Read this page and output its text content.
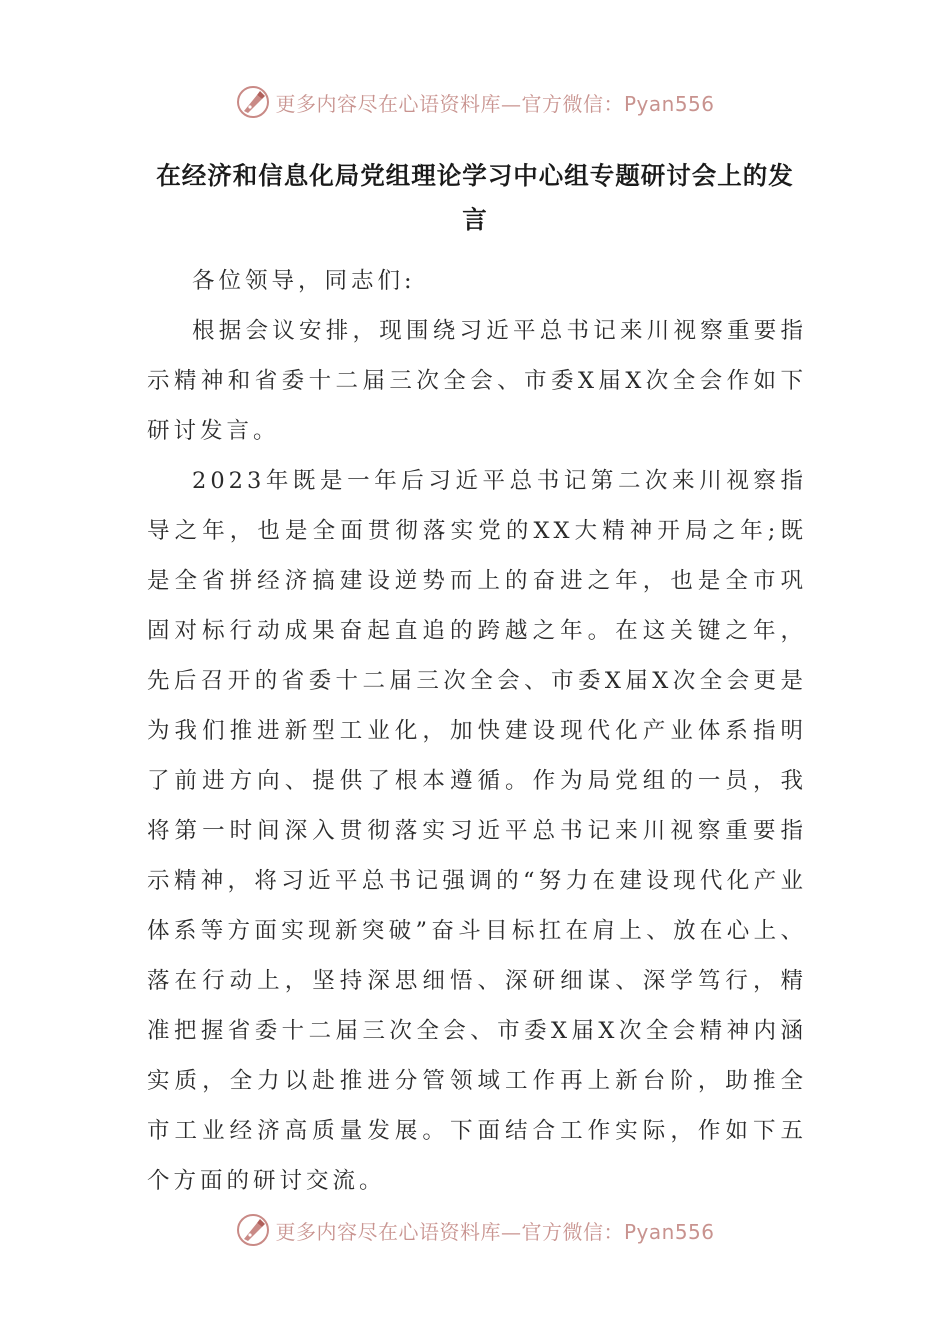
更多内容尽在心语资料库—官方微信：Pyan556
在经济和信息化局党组理论学习中心组专题研讨会上的发言

各位领导，同志们:

根据会议安排，现围绕习近平总书记来川视察重要指示精神和省委十二届三次全会、市委X届X次全会作如下研讨发言。

2023年既是一年后习近平总书记第二次来川视察指导之年，也是全面贯彻落实党的XX大精神开局之年;既是全省拼经济搞建设逆势而上的奋进之年，也是全市巩固对标行动成果奋起直追的跨越之年。在这关键之年，先后召开的省委十二届三次全会、市委X届X次全会更是为我们推进新型工业化，加快建设现代化产业体系指明了前进方向、提供了根本遵循。作为局党组的一员，我将第一时间深入贯彻落实习近平总书记来川视察重要指示精神，将习近平总书记强调的“努力在建设现代化产业体系等方面实现新突破”奋斗目标扛在肩上、放在心上、落在行动上，坚持深思细悟、深研细谋、深学笃行，精准把握省委十二届三次全会、市委X届X次全会精神内涵实质，全力以赴推进分管领域工作再上新台阶，助推全市工业经济高质量发展。下面结合工作实际，作如下五个方面的研讨交流。

更多内容尽在心语资料库—官方微信：Pyan556
